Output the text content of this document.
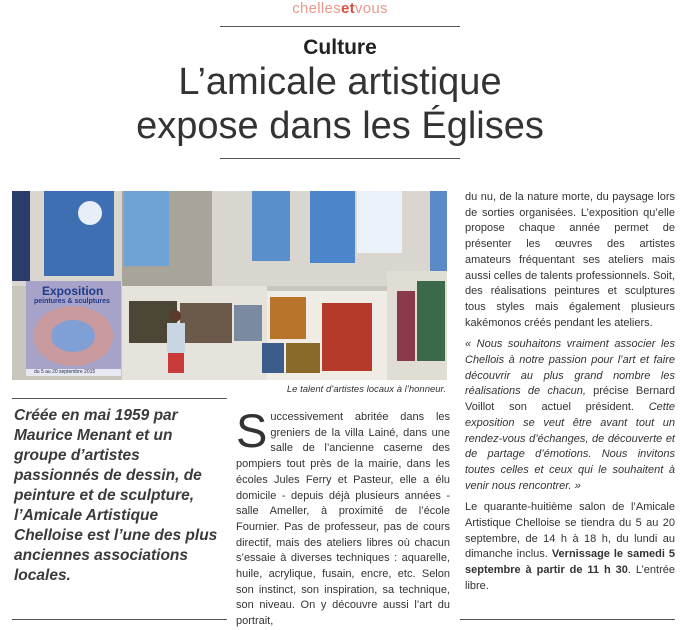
chellesetvous
Culture
L’amicale artistique
expose dans les Églises
Exposition
peintures & sculptures
du 5 au 20 septembre 2015
Le talent d’artistes locaux à l’honneur.
Créée en mai 1959 par Maurice Menant et un groupe d’artistes passionnés de dessin, de peinture et de sculpture, l’Amicale Artistique Chelloise est l’une des plus anciennes associations locales.
Successivement abritée dans les greniers de la villa Lainé, dans une salle de l’ancienne caserne des pompiers tout près de la mairie, dans les écoles Jules Ferry et Pasteur, elle a élu domicile - depuis déjà plusieurs années - salle Ameller, à proximité de l’école Fournier. Pas de professeur, pas de cours directif, mais des ateliers libres où chacun s’essaie à diverses techniques : aquarelle, huile, acrylique, fusain, encre, etc. Selon son instinct, son inspiration, sa technique, son niveau. On y découvre aussi l’art du portrait,

du nu, de la nature morte, du paysage lors de sorties organisées. L’exposition qu’elle propose chaque année permet de présenter les œuvres des artistes amateurs fréquentant ses ateliers mais aussi celles de talents professionnels. Soit, des réalisations peintures et sculptures tous styles mais également plusieurs kakémonos créés pendant les ateliers.

« Nous souhaitons vraiment associer les Chellois à notre passion pour l’art et faire découvrir au plus grand nombre les réalisations de chacun, précise Bernard Voillot son actuel président. Cette exposition se veut être avant tout un rendez-vous d’échanges, de découverte et de partage d’émotions. Nous invitons toutes celles et ceux qui le souhaitent à venir nous rencontrer. »

Le quarante-huitième salon de l’Amicale Artistique Chelloise se tiendra du 5 au 20 septembre, de 14 h à 18 h, du lundi au dimanche inclus. Vernissage le samedi 5 septembre à partir de 11 h 30. L’entrée libre.
